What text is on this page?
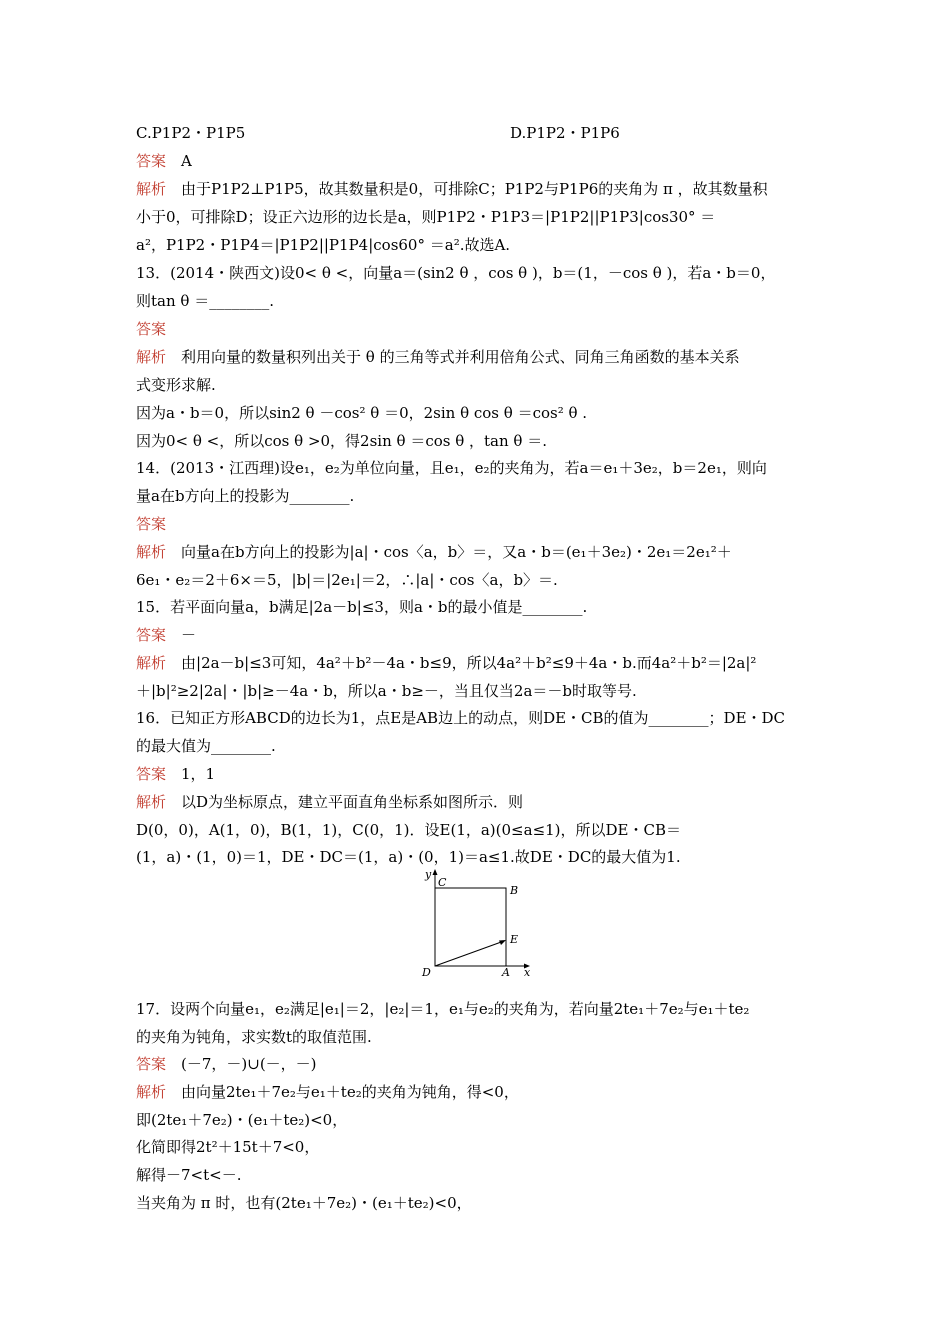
C.P1P2・P1P5	D.P1P2・P1P6
答案　A
解析　由于P1P2⊥P1P5，故其数量积是0，可排除C；P1P2与P1P6的夹角为 π ，故其数量积
小于0，可排除D；设正六边形的边长是a，则P1P2・P1P3＝|P1P2||P1P3|cos30° ＝
a²，P1P2・P1P4＝|P1P2||P1P4|cos60° ＝a².故选A.
13．(2014・陕西文)设0< θ <，向量a＝(sin2 θ ，cos θ )，b＝(1，－cos θ )，若a・b＝0，
则tan θ ＝________.
答案
解析　利用向量的数量积列出关于 θ 的三角等式并利用倍角公式、同角三角函数的基本关系
式变形求解.
因为a・b＝0，所以sin2 θ －cos² θ ＝0，2sin θ cos θ ＝cos² θ .
因为0< θ <，所以cos θ >0，得2sin θ ＝cos θ ，tan θ ＝.
14．(2013・江西理)设e₁，e₂为单位向量，且e₁，e₂的夹角为，若a＝e₁＋3e₂，b＝2e₁，则向
量a在b方向上的投影为________.
答案
解析　向量a在b方向上的投影为|a|・cos〈a，b〉＝，又a・b＝(e₁＋3e₂)・2e₁＝2e₁²＋
6e₁・e₂＝2＋6×＝5，|b|＝|2e₁|＝2，∴|a|・cos〈a，b〉＝.
15．若平面向量a，b满足|2a－b|≤3，则a・b的最小值是________.
答案　－
解析　由|2a－b|≤3可知，4a²＋b²－4a・b≤9，所以4a²＋b²≤9＋4a・b.而4a²＋b²＝|2a|²
＋|b|²≥2|2a|・|b|≥－4a・b，所以a・b≥－，当且仅当2a＝－b时取等号.
16．已知正方形ABCD的边长为1，点E是AB边上的动点，则DE・CB的值为________；DE・DC
的最大值为________.
答案　1，1
解析　以D为坐标原点，建立平面直角坐标系如图所示．则
D(0，0)，A(1，0)，B(1，1)，C(0，1)．设E(1，a)(0≤a≤1)，所以DE・CB＝
(1，a)・(1，0)＝1，DE・DC＝(1，a)・(0，1)＝a≤1.故DE・DC的最大值为1.
17．设两个向量e₁，e₂满足|e₁|＝2，|e₂|＝1，e₁与e₂的夹角为，若向量2te₁＋7e₂与e₁＋te₂
的夹角为钝角，求实数t的取值范围.
答案　(－7，－)∪(－，－)
解析　由向量2te₁＋7e₂与e₁＋te₂的夹角为钝角，得<0，
即(2te₁＋7e₂)・(e₁＋te₂)<0，
化简即得2t²＋15t＋7<0，
解得－7<t<－.
当夹角为 π 时，也有(2te₁＋7e₂)・(e₁＋te₂)<0，
y
C
B
E
D	A x
